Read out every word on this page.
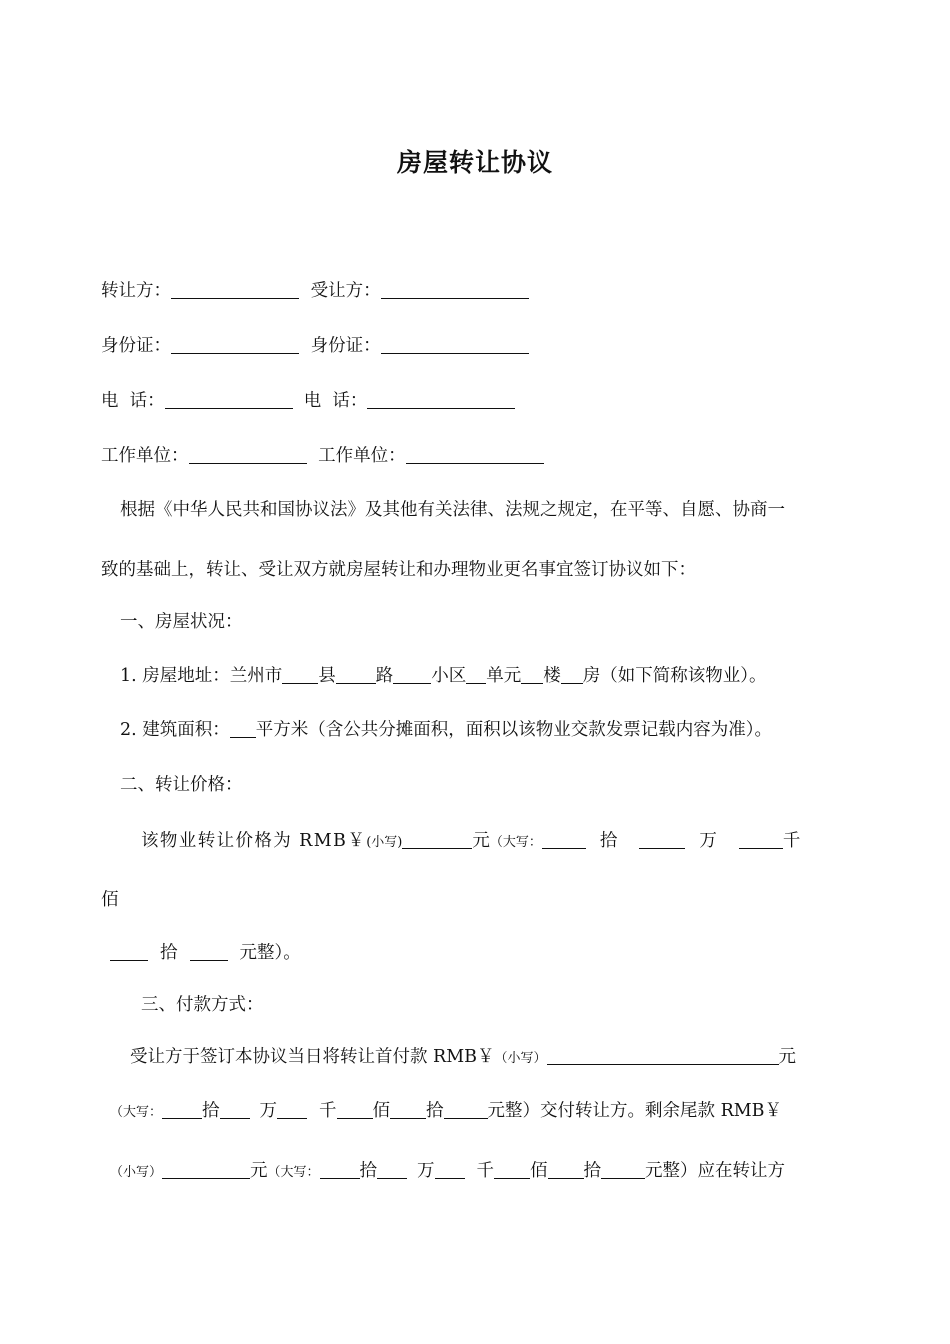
房屋转让协议
转让方：	受让方：
身份证：	身份证：
电  话：	电  话：
工作单位：	工作单位：
根据《中华人民共和国协议法》及其他有关法律、法规之规定，在平等、自愿、协商一
致的基础上，转让、受让双方就房屋转让和办理物业更名事宜签订协议如下：
一、房屋状况：
1. 房屋地址：兰州市 县 路 小区 单元 楼 房（如下简称该物业）。
2. 建筑面积： 平方米（含公共分摊面积，面积以该物业交款发票记载内容为准）。
二、转让价格：
该物业转让价格为 RMB￥(小写)	元（大写：	拾	万	千
佰
拾	元整）。
三、付款方式：
受让方于签订本协议当日将转让首付款 RMB￥（小写）	元
（大写： 拾 万 千 佰 拾	元整）交付转让方。剩余尾款 RMB￥
（小写）	元（大写： 拾 万 千 佰 拾	元整）应在转让方
